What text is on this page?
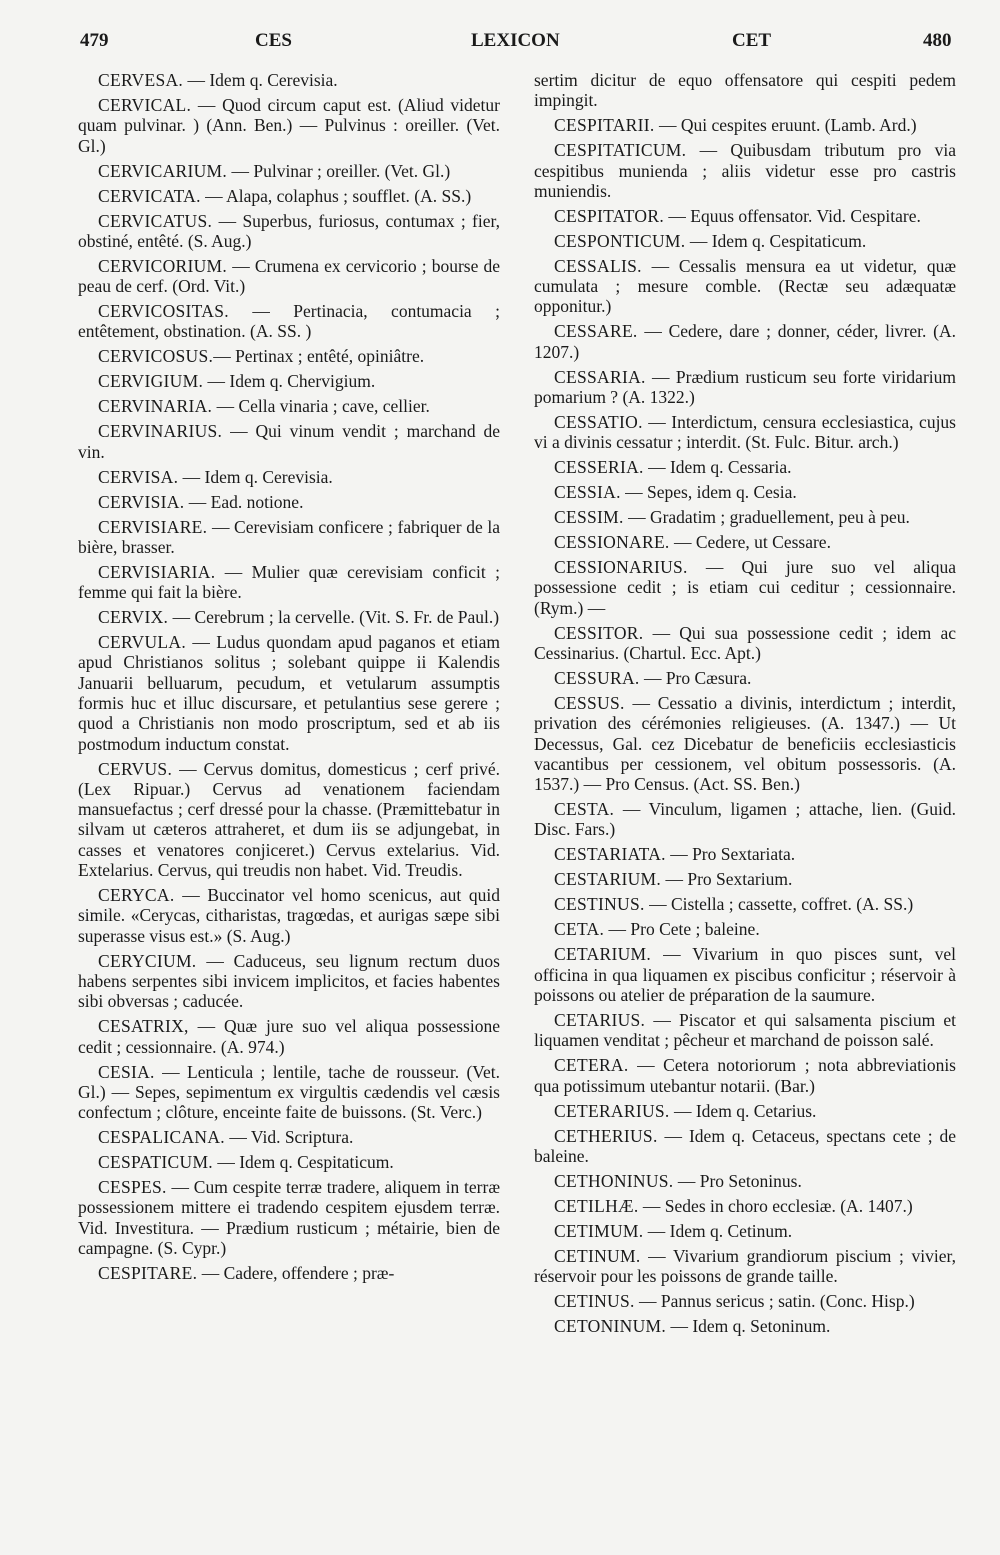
479	CES	LEXICON	CET	480

CERVESA. — Idem q. Cerevisia.

CERVICAL. — Quod circum caput est. (Aliud videtur quam pulvinar. ) (Ann. Ben.) — Pulvinus : oreiller. (Vet. Gl.)

CERVICARIUM. — Pulvinar ; oreiller. (Vet. Gl.)

CERVICATA. — Alapa, colaphus ; soufflet. (A. SS.)

CERVICATUS. — Superbus, furiosus, contumax ; fier, obstiné, entêté. (S. Aug.)

CERVICORIUM. — Crumena ex cervicorio ; bourse de peau de cerf. (Ord. Vit.)

CERVICOSITAS. — Pertinacia, contumacia ; entêtement, obstination. (A. SS. )

CERVICOSUS.— Pertinax ; entêté, opiniâtre.

CERVIGIUM. — Idem q. Chervigium.

CERVINARIA. — Cella vinaria ; cave, cellier.

CERVINARIUS. — Qui vinum vendit ; marchand de vin.

CERVISA. — Idem q. Cerevisia.

CERVISIA. — Ead. notione.

CERVISIARE. — Cerevisiam conficere ; fabriquer de la bière, brasser.

CERVISIARIA. — Mulier quæ cerevisiam conficit ; femme qui fait la bière.

CERVIX. — Cerebrum ; la cervelle. (Vit. S. Fr. de Paul.)

CERVULA. — Ludus quondam apud paganos et etiam apud Christianos solitus ; solebant quippe ii Kalendis Januarii belluarum, pecudum, et vetularum assumptis formis huc et illuc discursare, et petulantius sese gerere ; quod a Christianis non modo proscriptum, sed et ab iis postmodum inductum constat.

CERVUS. — Cervus domitus, domesticus ; cerf privé. (Lex Ripuar.) Cervus ad venationem faciendam mansuefactus ; cerf dressé pour la chasse. (Præmittebatur in silvam ut cæteros attraheret, et dum iis se adjungebat, in casses et venatores conjiceret.) Cervus extelarius. Vid. Extelarius. Cervus, qui treudis non habet. Vid. Treudis.

CERYCA. — Buccinator vel homo scenicus, aut quid simile. «Cerycas, citharistas, tragœdas, et aurigas sæpe sibi superasse visus est.» (S. Aug.)

CERYCIUM. — Caduceus, seu lignum rectum duos habens serpentes sibi invicem implicitos, et facies habentes sibi obversas ; caducée.

CESATRIX, — Quæ jure suo vel aliqua possessione cedit ; cessionnaire. (A. 974.)

CESIA. — Lenticula ; lentile, tache de rousseur. (Vet. Gl.) — Sepes, sepimentum ex virgultis cædendis vel cæsis confectum ; clôture, enceinte faite de buissons. (St. Verc.)

CESPALICANA. — Vid. Scriptura.

CESPATICUM. — Idem q. Cespitaticum.

CESPES. — Cum cespite terræ tradere, aliquem in terræ possessionem mittere ei tradendo cespitem ejusdem terræ. Vid. Investitura. — Prædium rusticum ; métairie, bien de campagne. (S. Cypr.)

CESPITARE. — Cadere, offendere ; præ-

sertim dicitur de equo offensatore qui cespiti pedem impingit.

CESPITARII. — Qui cespites eruunt. (Lamb. Ard.)

CESPITATICUM. — Quibusdam tributum pro via cespitibus munienda ; aliis videtur esse pro castris muniendis.

CESPITATOR. — Equus offensator. Vid. Cespitare.

CESPONTICUM. — Idem q. Cespitaticum.

CESSALIS. — Cessalis mensura ea ut videtur, quæ cumulata ; mesure comble. (Rectæ seu adæquatæ opponitur.)

CESSARE. — Cedere, dare ; donner, céder, livrer. (A. 1207.)

CESSARIA. — Prædium rusticum seu forte viridarium pomarium ? (A. 1322.)

CESSATIO. — Interdictum, censura ecclesiastica, cujus vi a divinis cessatur ; interdit. (St. Fulc. Bitur. arch.)

CESSERIA. — Idem q. Cessaria.

CESSIA. — Sepes, idem q. Cesia.

CESSIM. — Gradatim ; graduellement, peu à peu.

CESSIONARE. — Cedere, ut Cessare.

CESSIONARIUS. — Qui jure suo vel aliqua possessione cedit ; is etiam cui ceditur ; cessionnaire. (Rym.) —

CESSITOR. — Qui sua possessione cedit ; idem ac Cessinarius. (Chartul. Ecc. Apt.)

CESSURA. — Pro Cæsura.

CESSUS. — Cessatio a divinis, interdictum ; interdit, privation des cérémonies religieuses. (A. 1347.) — Ut Decessus, Gal. cez Dicebatur de beneficiis ecclesiasticis vacantibus per cessionem, vel obitum possessoris. (A. 1537.) — Pro Census. (Act. SS. Ben.)

CESTA. — Vinculum, ligamen ; attache, lien. (Guid. Disc. Fars.)

CESTARIATA. — Pro Sextariata.

CESTARIUM. — Pro Sextarium.

CESTINUS. — Cistella ; cassette, coffret. (A. SS.)

CETA. — Pro Cete ; baleine.

CETARIUM. — Vivarium in quo pisces sunt, vel officina in qua liquamen ex piscibus conficitur ; réservoir à poissons ou atelier de préparation de la saumure.

CETARIUS. — Piscator et qui salsamenta piscium et liquamen venditat ; pêcheur et marchand de poisson salé.

CETERA. — Cetera notoriorum ; nota abbreviationis qua potissimum utebantur notarii. (Bar.)

CETERARIUS. — Idem q. Cetarius.

CETHERIUS. — Idem q. Cetaceus, spectans cete ; de baleine.

CETHONINUS. — Pro Setoninus.

CETILHÆ. — Sedes in choro ecclesiæ. (A. 1407.)

CETIMUM. — Idem q. Cetinum.

CETINUM. — Vivarium grandiorum piscium ; vivier, réservoir pour les poissons de grande taille.

CETINUS. — Pannus sericus ; satin. (Conc. Hisp.)

CETONINUM. — Idem q. Setoninum.
